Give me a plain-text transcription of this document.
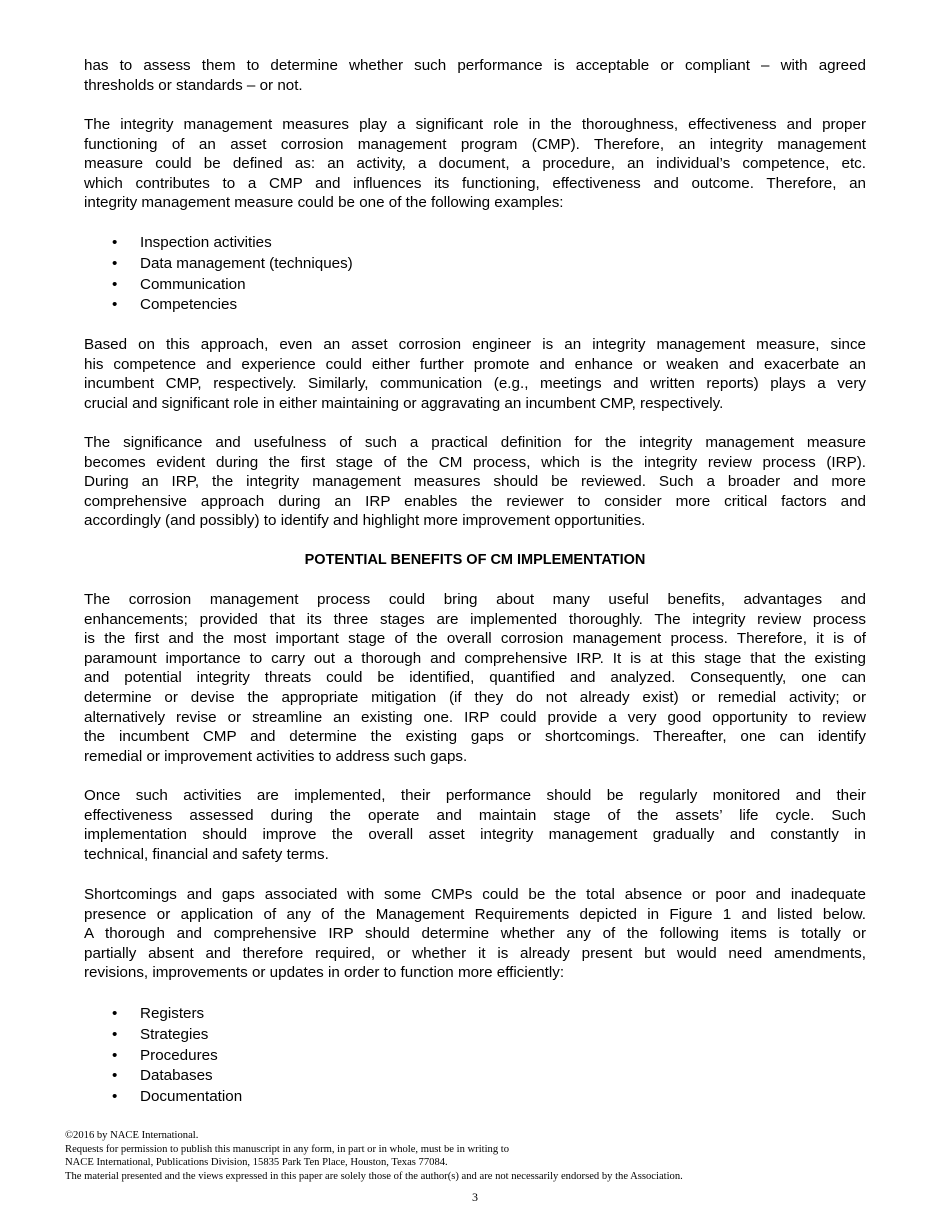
has to assess them to determine whether such performance is acceptable or compliant – with agreed
thresholds or standards – or not.
The integrity management measures play a significant role in the thoroughness, effectiveness and proper
functioning of an asset corrosion management program (CMP). Therefore, an integrity management
measure could be defined as: an activity, a document, a procedure, an individual’s competence, etc.
which contributes to a CMP and influences its functioning, effectiveness and outcome. Therefore, an
integrity management measure could be one of the following examples:
• Inspection activities
• Data management (techniques)
• Communication
• Competencies
Based on this approach, even an asset corrosion engineer is an integrity management measure, since
his competence and experience could either further promote and enhance or weaken and exacerbate an
incumbent CMP, respectively. Similarly, communication (e.g., meetings and written reports) plays a very
crucial and significant role in either maintaining or aggravating an incumbent CMP, respectively.
The significance and usefulness of such a practical definition for the integrity management measure
becomes evident during the first stage of the CM process, which is the integrity review process (IRP).
During an IRP, the integrity management measures should be reviewed. Such a broader and more
comprehensive approach during an IRP enables the reviewer to consider more critical factors and
accordingly (and possibly) to identify and highlight more improvement opportunities.
POTENTIAL BENEFITS OF CM IMPLEMENTATION
The corrosion management process could bring about many useful benefits, advantages and
enhancements; provided that its three stages are implemented thoroughly. The integrity review process
is the first and the most important stage of the overall corrosion management process. Therefore, it is of
paramount importance to carry out a thorough and comprehensive IRP. It is at this stage that the existing
and potential integrity threats could be identified, quantified and analyzed. Consequently, one can
determine or devise the appropriate mitigation (if they do not already exist) or remedial activity; or
alternatively revise or streamline an existing one. IRP could provide a very good opportunity to review
the incumbent CMP and determine the existing gaps or shortcomings. Thereafter, one can identify
remedial or improvement activities to address such gaps.
Once such activities are implemented, their performance should be regularly monitored and their
effectiveness assessed during the operate and maintain stage of the assets’ life cycle. Such
implementation should improve the overall asset integrity management gradually and constantly in
technical, financial and safety terms.
Shortcomings and gaps associated with some CMPs could be the total absence or poor and inadequate
presence or application of any of the Management Requirements depicted in Figure 1 and listed below.
A thorough and comprehensive IRP should determine whether any of the following items is totally or
partially absent and therefore required, or whether it is already present but would need amendments,
revisions, improvements or updates in order to function more efficiently:
• Registers
• Strategies
• Procedures
• Databases
• Documentation
©2016 by NACE International.
Requests for permission to publish this manuscript in any form, in part or in whole, must be in writing to
NACE International, Publications Division, 15835 Park Ten Place, Houston, Texas 77084.
The material presented and the views expressed in this paper are solely those of the author(s) and are not necessarily endorsed by the Association.
3
